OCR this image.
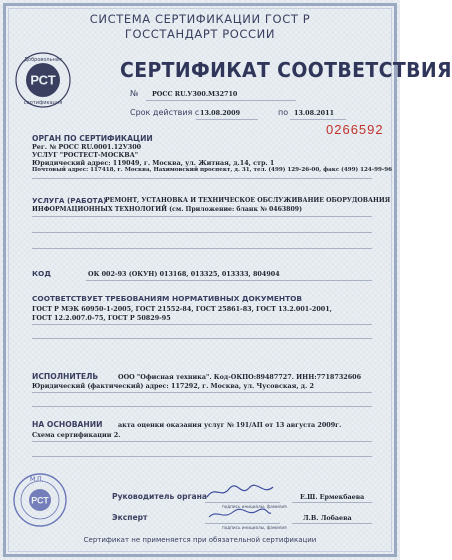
СИСТЕМА СЕРТИФИКАЦИИ ГОСТ Р
ГОССТАНДАРТ РОССИИ
РСТ
Добровольная
сертификация
СЕРТИФИКАТ СООТВЕТСТВИЯ
№ РОСС RU.У300.М32710
Срок действия с 13.08.2009	по 13.08.2011
0266592
ОРГАН ПО СЕРТИФИКАЦИИ
Рег. № РОСС RU.0001.12У300
УСЛУГ "РОСТЕСТ-МОСКВА"
Юридический адрес: 119049, г. Москва, ул. Житная, д.14, стр. 1
Почтовый адрес: 117418, г. Москва, Нахимовский проспект, д. 31, тел. (499) 129-26-00, факс (499) 124-99-96
УСЛУГА (РАБОТА)
РЕМОНТ, УСТАНОВКА И ТЕХНИЧЕСКОЕ ОБСЛУЖИВАНИЕ ОБОРУДОВАНИЯ
ИНФОРМАЦИОННЫХ ТЕХНОЛОГИЙ (см. Приложение: бланк № 0463809)
КОД	ОК 002-93 (ОКУН) 013168, 013325, 013333, 804904
СООТВЕТСТВУЕТ ТРЕБОВАНИЯМ НОРМАТИВНЫХ ДОКУМЕНТОВ
ГОСТ Р МЭК 60950-1-2005, ГОСТ 21552-84, ГОСТ 25861-83, ГОСТ 13.2.001-2001,
ГОСТ 12.2.007.0-75, ГОСТ Р 50829-95
ИСПОЛНИТЕЛЬ	ООО "Офисная техника". Код-ОКПО:89487727. ИНН:7718732606
Юридический (фактический) адрес: 117292, г. Москва, ул. Чусовская, д. 2
НА ОСНОВАНИИ акта оценки оказания услуг № 191/АП от 13 августа 2009г.
Схема сертификации 2.
РСТ
М.П.
Руководитель органа	Е.Ш. Ермекбаева
подпись инициалы, фамилия
Эксперт	Л.В. Лобаева
подпись инициалы, фамилия
Сертификат не применяется при обязательной сертификации
